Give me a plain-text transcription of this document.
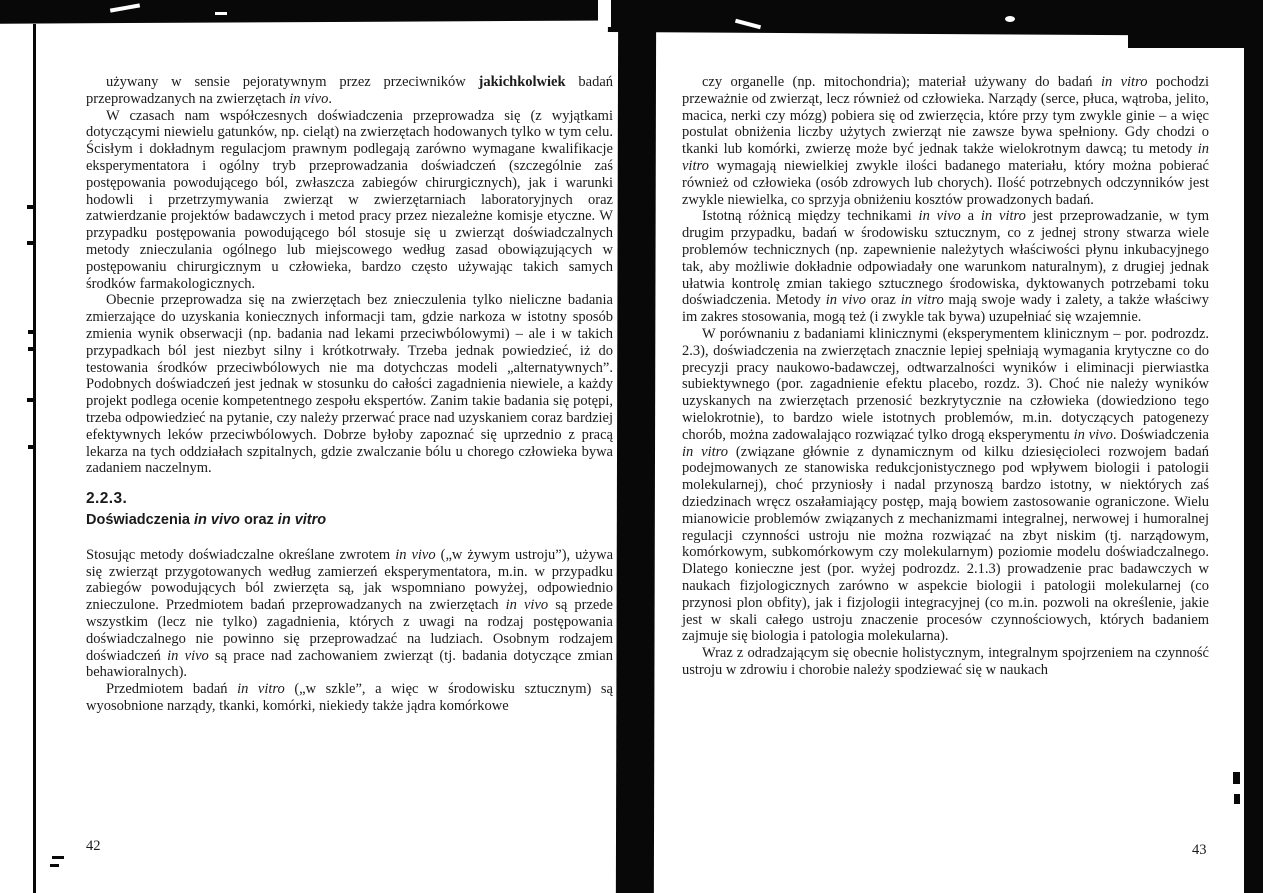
używany w sensie pejoratywnym przez przeciwników jakichkolwiek badań przeprowadzanych na zwierzętach in vivo.

W czasach nam współczesnych doświadczenia przeprowadza się (z wyjątkami dotyczącymi niewielu gatunków, np. cieląt) na zwierzętach hodowanych tylko w tym celu. Ścisłym i dokładnym regulacjom prawnym podlegają zarówno wymagane kwalifikacje eksperymentatora i ogólny tryb przeprowadzania doświadczeń (szczególnie zaś postępowania powodującego ból, zwłaszcza zabiegów chirurgicznych), jak i warunki hodowli i przetrzymywania zwierząt w zwierzętarniach laboratoryjnych oraz zatwierdzanie projektów badawczych i metod pracy przez niezależne komisje etyczne. W przypadku postępowania powodującego ból stosuje się u zwierząt doświadczalnych metody znieczulania ogólnego lub miejscowego według zasad obowiązujących w postępowaniu chirurgicznym u człowieka, bardzo często używając takich samych środków farmakologicznych.

Obecnie przeprowadza się na zwierzętach bez znieczulenia tylko nieliczne badania zmierzające do uzyskania koniecznych informacji tam, gdzie narkoza w istotny sposób zmienia wynik obserwacji (np. badania nad lekami przeciwbólowymi) – ale i w takich przypadkach ból jest niezbyt silny i krótkotrwały. Trzeba jednak powiedzieć, iż do testowania środków przeciwbólowych nie ma dotychczas modeli „alternatywnych”. Podobnych doświadczeń jest jednak w stosunku do całości zagadnienia niewiele, a każdy projekt podlega ocenie kompetentnego zespołu ekspertów. Zanim takie badania się potępi, trzeba odpowiedzieć na pytanie, czy należy przerwać prace nad uzyskaniem coraz bardziej efektywnych leków przeciwbólowych. Dobrze byłoby zapoznać się uprzednio z pracą lekarza na tych oddziałach szpitalnych, gdzie zwalczanie bólu u chorego człowieka bywa zadaniem naczelnym.

2.2.3.
Doświadczenia in vivo oraz in vitro

Stosując metody doświadczalne określane zwrotem in vivo („w żywym ustroju”), używa się zwierząt przygotowanych według zamierzeń eksperymentatora, m.in. w przypadku zabiegów powodujących ból zwierzęta są, jak wspomniano powyżej, odpowiednio znieczulone. Przedmiotem badań przeprowadzanych na zwierzętach in vivo są przede wszystkim (lecz nie tylko) zagadnienia, których z uwagi na rodzaj postępowania doświadczalnego nie powinno się przeprowadzać na ludziach. Osobnym rodzajem doświadczeń in vivo są prace nad zachowaniem zwierząt (tj. badania dotyczące zmian behawioralnych).

Przedmiotem badań in vitro („w szkle”, a więc w środowisku sztucznym) są wyosobnione narządy, tkanki, komórki, niekiedy także jądra komórkowe

czy organelle (np. mitochondria); materiał używany do badań in vitro pochodzi przeważnie od zwierząt, lecz również od człowieka. Narządy (serce, płuca, wątroba, jelito, macica, nerki czy mózg) pobiera się od zwierzęcia, które przy tym zwykle ginie – a więc postulat obniżenia liczby użytych zwierząt nie zawsze bywa spełniony. Gdy chodzi o tkanki lub komórki, zwierzę może być jednak także wielokrotnym dawcą; tu metody in vitro wymagają niewielkiej zwykle ilości badanego materiału, który można pobierać również od człowieka (osób zdrowych lub chorych). Ilość potrzebnych odczynników jest zwykle niewielka, co sprzyja obniżeniu kosztów prowadzonych badań.

Istotną różnicą między technikami in vivo a in vitro jest przeprowadzanie, w tym drugim przypadku, badań w środowisku sztucznym, co z jednej strony stwarza wiele problemów technicznych (np. zapewnienie należytych właściwości płynu inkubacyjnego tak, aby możliwie dokładnie odpowiadały one warunkom naturalnym), z drugiej jednak ułatwia kontrolę zmian takiego sztucznego środowiska, dyktowanych potrzebami toku doświadczenia. Metody in vivo oraz in vitro mają swoje wady i zalety, a także właściwy im zakres stosowania, mogą też (i zwykle tak bywa) uzupełniać się wzajemnie.

W porównaniu z badaniami klinicznymi (eksperymentem klinicznym – por. podrozdz. 2.3), doświadczenia na zwierzętach znacznie lepiej spełniają wymagania krytyczne co do precyzji pracy naukowo-badawczej, odtwarzalności wyników i eliminacji pierwiastka subiektywnego (por. zagadnienie efektu placebo, rozdz. 3). Choć nie należy wyników uzyskanych na zwierzętach przenosić bezkrytycznie na człowieka (dowiedziono tego wielokrotnie), to bardzo wiele istotnych problemów, m.in. dotyczących patogenezy chorób, można zadowalająco rozwiązać tylko drogą eksperymentu in vivo. Doświadczenia in vitro (związane głównie z dynamicznym od kilku dziesięcioleci rozwojem badań podejmowanych ze stanowiska redukcjonistycznego pod wpływem biologii i patologii molekularnej), choć przyniosły i nadal przynoszą bardzo istotny, w niektórych zaś dziedzinach wręcz oszałamiający postęp, mają bowiem zastosowanie ograniczone. Wielu mianowicie problemów związanych z mechanizmami integralnej, nerwowej i humoralnej regulacji czynności ustroju nie można rozwiązać na zbyt niskim (tj. narządowym, komórkowym, subkomórkowym czy molekularnym) poziomie modelu doświadczalnego. Dlatego konieczne jest (por. wyżej podrozdz. 2.1.3) prowadzenie prac badawczych w naukach fizjologicznych zarówno w aspekcie biologii i patologii molekularnej (co przynosi plon obfity), jak i fizjologii integracyjnej (co m.in. pozwoli na określenie, jakie jest w skali całego ustroju znaczenie procesów czynnościowych, których badaniem zajmuje się biologia i patologia molekularna).

Wraz z odradzającym się obecnie holistycznym, integralnym spojrzeniem na czynność ustroju w zdrowiu i chorobie należy spodziewać się w naukach

42	43
